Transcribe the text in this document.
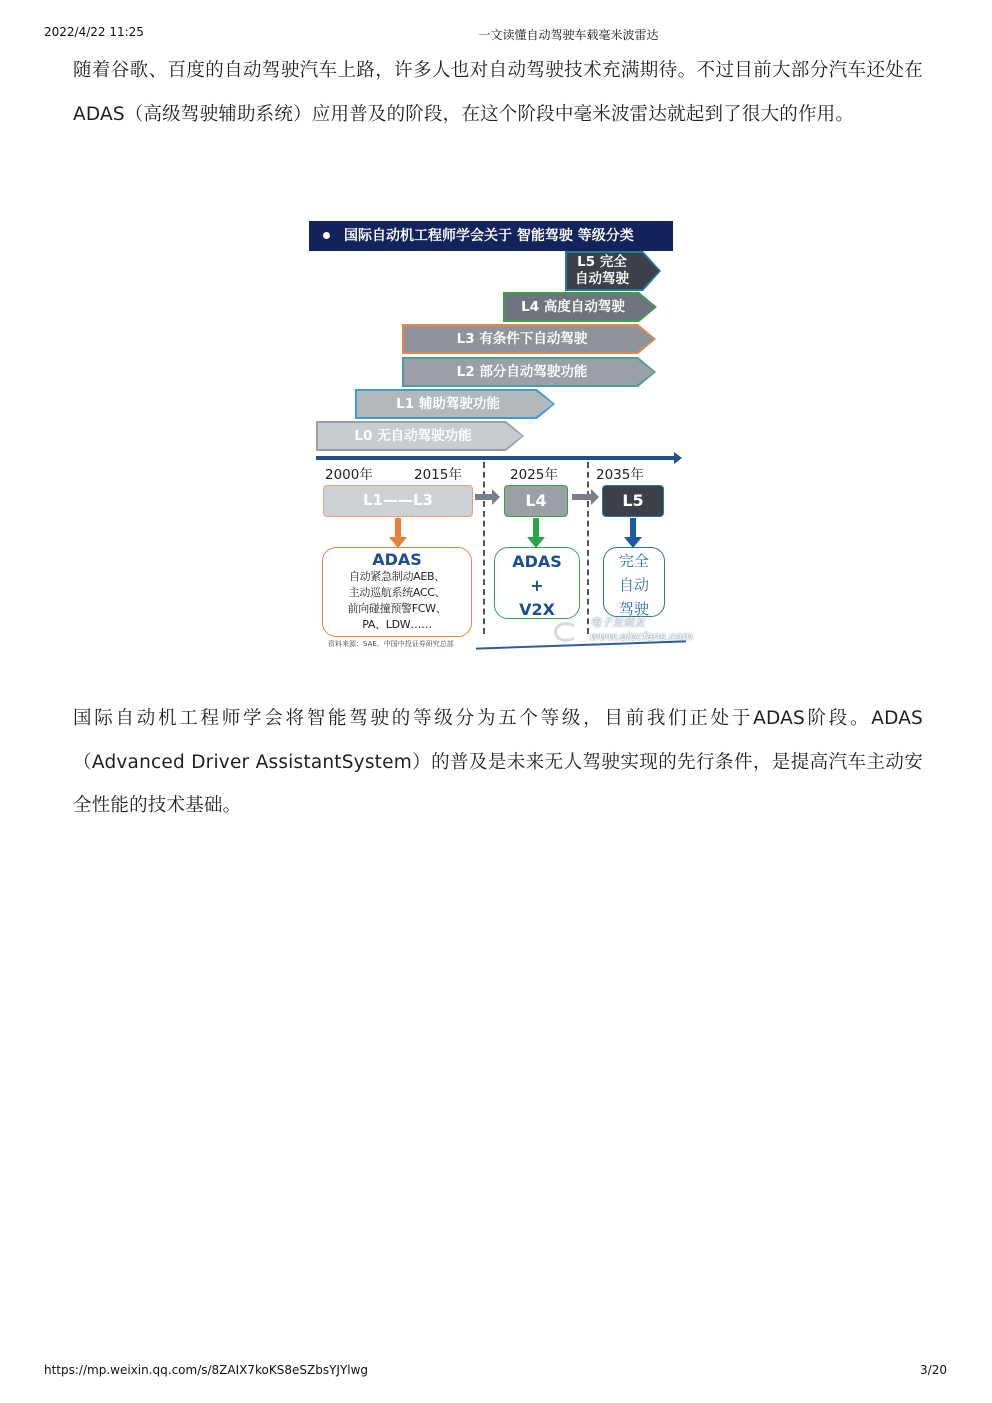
2022/4/22 11:25	一文读懂自动驾驶车载毫米波雷达

随着谷歌、百度的自动驾驶汽车上路，许多人也对自动驾驶技术充满期待。不过目前大部分汽车还处在ADAS（高级驾驶辅助系统）应用普及的阶段，在这个阶段中毫米波雷达就起到了很大的作用。

国际自动机工程师学会关于 智能驾驶 等级分类
L5 完全
自动驾驶
L4 高度自动驾驶
L3 有条件下自动驾驶
L2 部分自动驾驶功能
L1 辅助驾驶功能
L0 无自动驾驶功能
2000年	2015年	2025年	2035年
L1——L3	L4	L5
ADAS
自动紧急制动AEB、
主动巡航系统ACC、
前向碰撞预警FCW、
PA、LDW……
ADAS
+
V2X
完全
自动
驾驶
资料来源：SAE、中国中投证券研究总部
电子发烧友
www.elecfans.com

国际自动机工程师学会将智能驾驶的等级分为五个等级，目前我们正处于ADAS阶段。ADAS（Advanced Driver AssistantSystem）的普及是未来无人驾驶实现的先行条件，是提高汽车主动安全性能的技术基础。

https://mp.weixin.qq.com/s/8ZAIX7koKS8eSZbsYJYlwg	3/20
